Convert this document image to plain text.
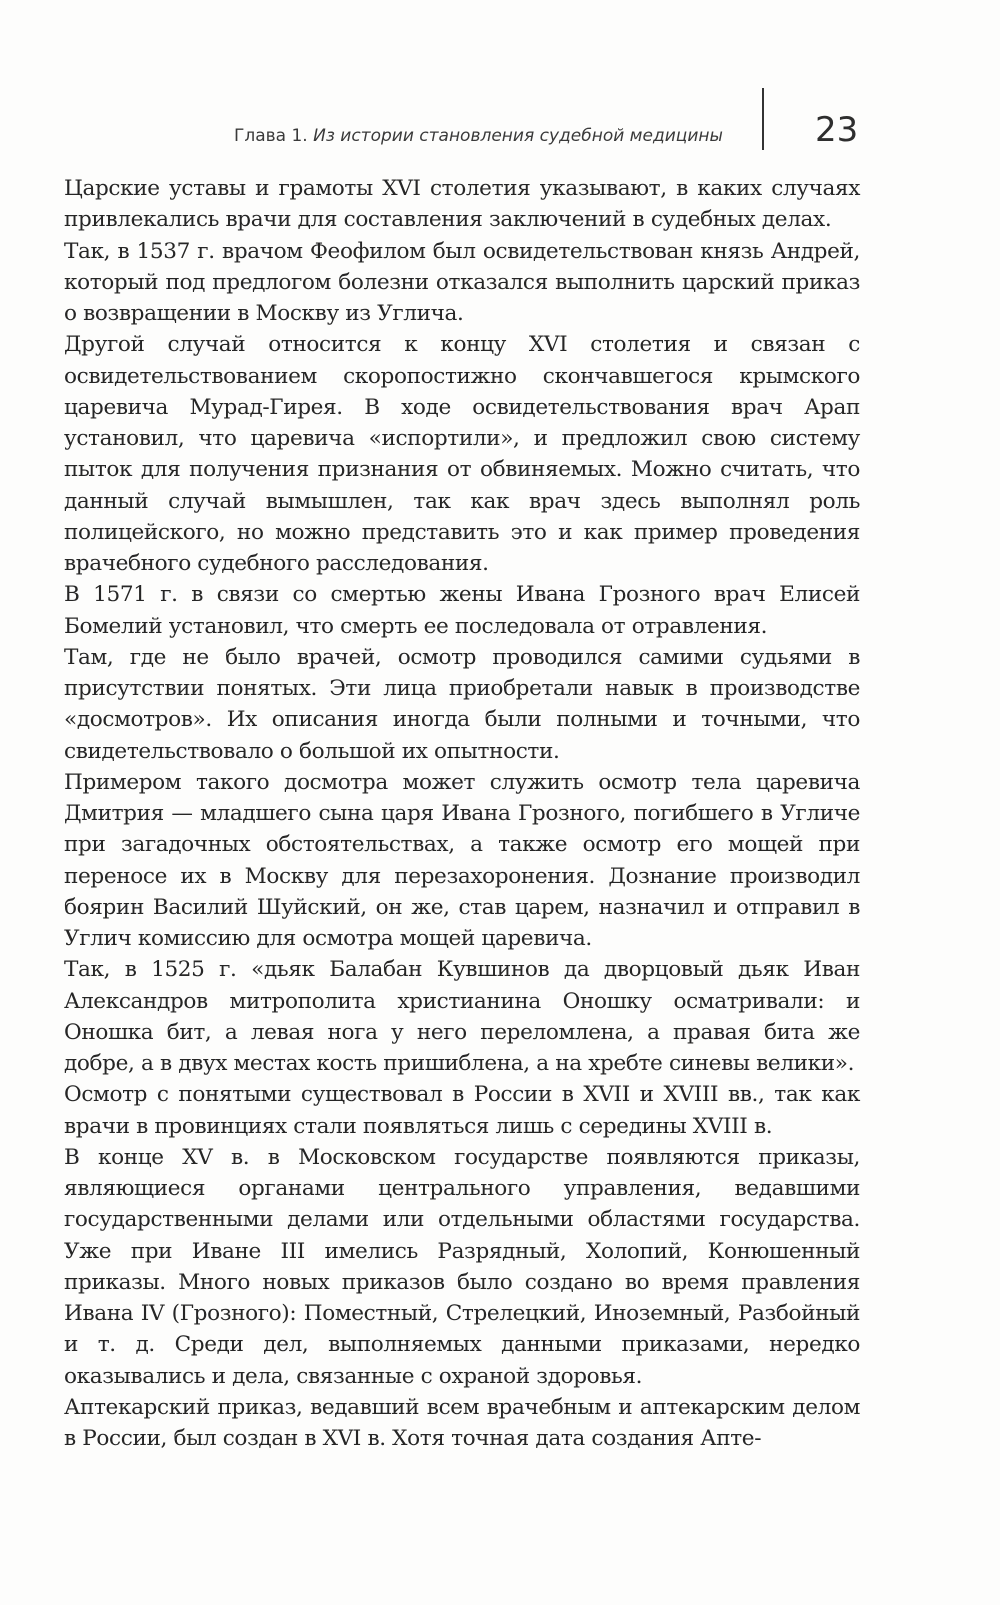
Глава 1. Из истории становления судебной медицины	23

Царские уставы и грамоты XVI столетия указывают, в каких случаях привлекались врачи для составления заключений в судебных делах.

Так, в 1537 г. врачом Феофилом был освидетельствован князь Андрей, который под предлогом болезни отказался выполнить царский приказ о возвращении в Москву из Углича.

Другой случай относится к концу XVI столетия и связан с освидетельствованием скоропостижно скончавшегося крымского царевича Мурад-Гирея. В ходе освидетельствования врач Арап установил, что царевича «испортили», и предложил свою систему пыток для получения признания от обвиняемых. Можно считать, что данный случай вымышлен, так как врач здесь выполнял роль полицейского, но можно представить это и как пример проведения врачебного судебного расследования.

В 1571 г. в связи со смертью жены Ивана Грозного врач Елисей Бомелий установил, что смерть ее последовала от отравления.

Там, где не было врачей, осмотр проводился самими судьями в присутствии понятых. Эти лица приобретали навык в производстве «досмотров». Их описания иногда были полными и точными, что свидетельствовало о большой их опытности.

Примером такого досмотра может служить осмотр тела царевича Дмитрия — младшего сына царя Ивана Грозного, погибшего в Угличе при загадочных обстоятельствах, а также осмотр его мощей при переносе их в Москву для перезахоронения. Дознание производил боярин Василий Шуйский, он же, став царем, назначил и отправил в Углич комиссию для осмотра мощей царевича.

Так, в 1525 г. «дьяк Балабан Кувшинов да дворцовый дьяк Иван Александров митрополита христианина Оношку осматривали: и Оношка бит, а левая нога у него переломлена, а правая бита же добре, а в двух местах кость пришиблена, а на хребте синевы велики».

Осмотр с понятыми существовал в России в XVII и XVIII вв., так как врачи в провинциях стали появляться лишь с середины XVIII в.

В конце XV в. в Московском государстве появляются приказы, являющиеся органами центрального управления, ведавшими государственными делами или отдельными областями государства. Уже при Иване III имелись Разрядный, Холопий, Конюшенный приказы. Много новых приказов было создано во время правления Ивана IV (Грозного): Поместный, Стрелецкий, Иноземный, Разбойный и т. д. Среди дел, выполняемых данными приказами, нередко оказывались и дела, связанные с охраной здоровья.

Аптекарский приказ, ведавший всем врачебным и аптекарским делом в России, был создан в XVI в. Хотя точная дата создания Апте-
